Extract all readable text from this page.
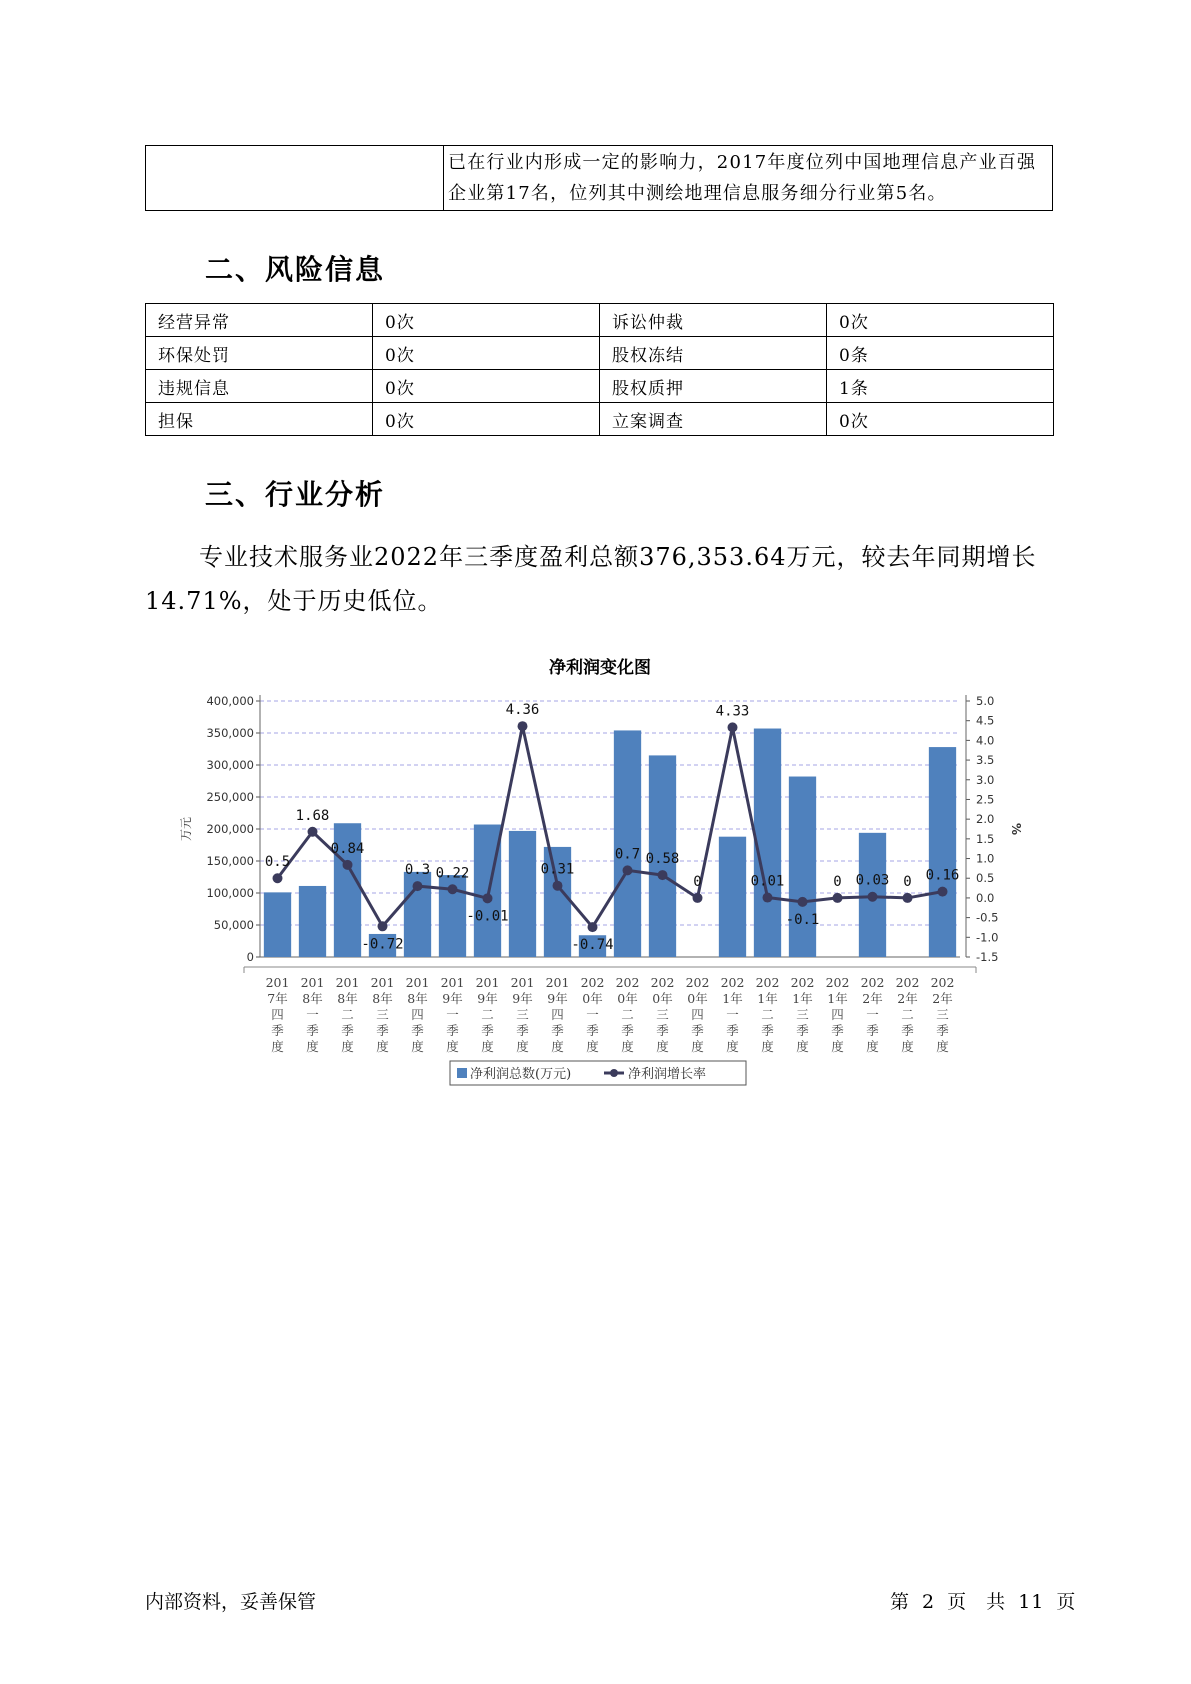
已在行业内形成一定的影响力，2017年度位列中国地理信息产业百强
企业第17名，位列其中测绘地理信息服务细分行业第5名。
二、风险信息
经营异常	0次	诉讼仲裁	0次
环保处罚	0次	股权冻结	0条
违规信息	0次	股权质押	1条
担保	0次	立案调查	0次
三、行业分析

专业技术服务业2022年三季度盈利总额376,353.64万元，较去年同期增长14.71%，处于历史低位。

净利润变化图
0
50,000
100,000
150,000
200,000
250,000
300,000
350,000
400,000
-1.5
-1.0
-0.5
0.0
0.5
1.0
1.5
2.0
2.5
3.0
3.5
4.0
4.5
5.0
万元	%
0.5
1.68
0.84
-0.72
0.3 0.22
-0.01
4.36
0.31
-0.74
0.7 0.58
0
4.33
0.01
-0.1
0 0.03 0 0.16
201 7年四季度
201 8年一季度
201 8年二季度
201 8年三季度
201 8年四季度
201 9年一季度
201 9年二季度
201 9年三季度
201 9年四季度
202 0年一季度
202 0年二季度
202 0年三季度
202 0年四季度
202 1年一季度
202 1年二季度
202 1年三季度
202 1年四季度
202 2年一季度
202 2年二季度
202 2年三季度
净利润总数(万元)	净利润增长率
内部资料，妥善保管	第 2 页 共 11 页
